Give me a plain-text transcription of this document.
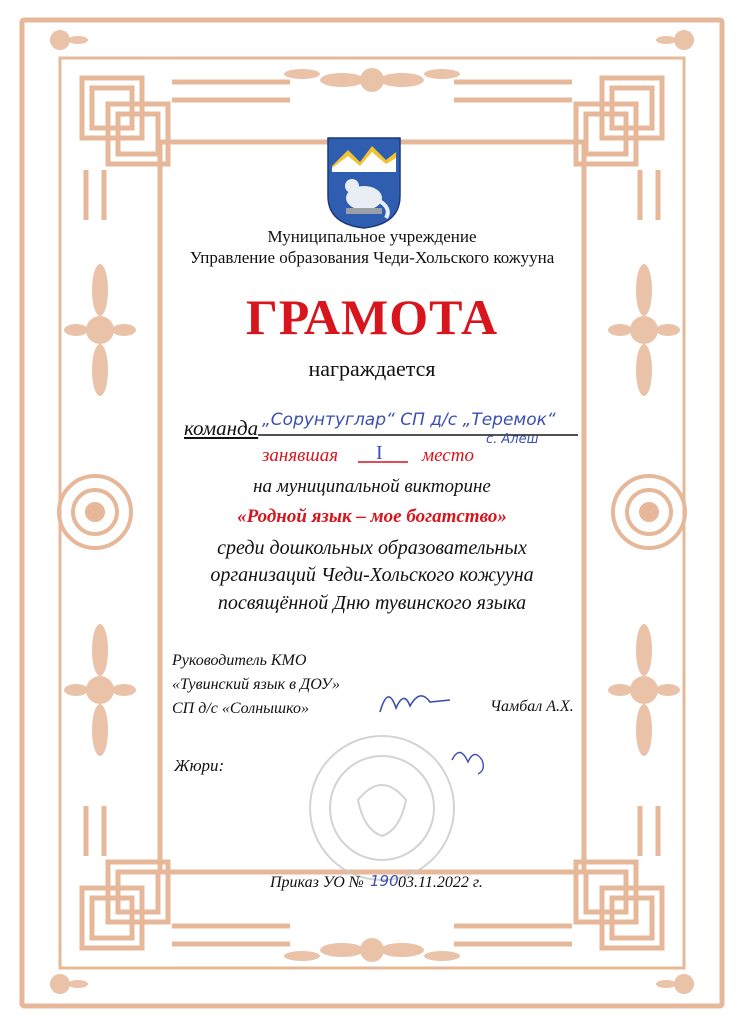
Муниципальное учреждение
Управление образования Чеди-Хольского кожууна
ГРАМОТА
награждается
команда „Сорунтуглар“ СП д/с „Теремок“
с. Алеш
занявшая I место
на муниципальной викторине
«Родной язык – мое богатство»
среди дошкольных образовательных
организаций Чеди-Хольского кожууна
посвящённой Дню тувинского языка
Руководитель КМО
«Тувинский язык в ДОУ»
СП д/с «Солнышко»	Чамбал А.Х.
Жюри:
Приказ УО № 190 03.11.2022 г.
